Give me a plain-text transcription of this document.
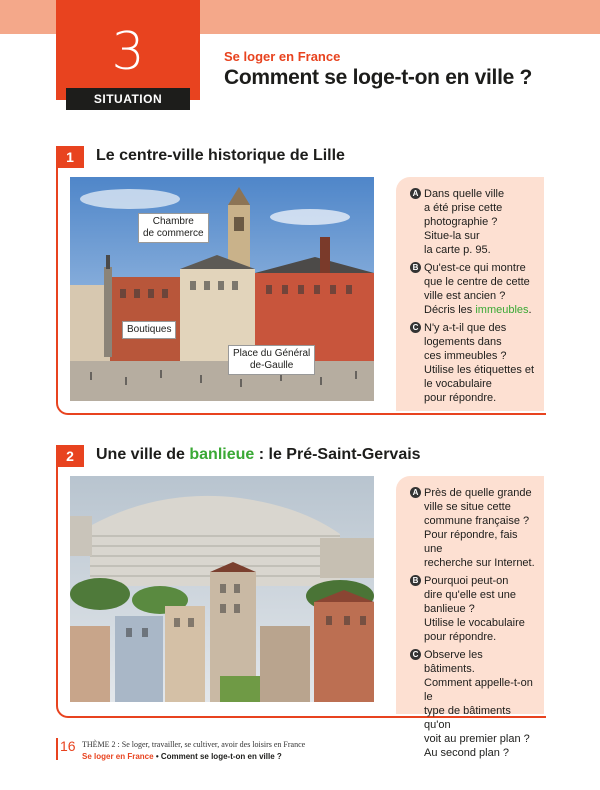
3
SITUATION
Se loger en France
Comment se loge-t-on en ville ?
1	Le centre-ville historique de Lille
Chambre
de commerce
Boutiques
Place du Général
de-Gaulle
A Dans quelle ville

a été prise cette

photographie ?

Situe-la sur

la carte p. 95.

B Qu'est-ce qui montre

que le centre de cette

ville est ancien ?

Décris les immeubles.

C N'y a-t-il que des

logements dans

ces immeubles ?

Utilise les étiquettes et

le vocabulaire

pour répondre.

2	Une ville de banlieue : le Pré-Saint-Gervais
A Près de quelle grande

ville se situe cette

commune française ?

Pour répondre, fais une

recherche sur Internet.

B Pourquoi peut-on

dire qu'elle est une

banlieue ?

Utilise le vocabulaire

pour répondre.

C Observe les bâtiments.

Comment appelle-t-on le

type de bâtiments qu'on

voit au premier plan ?

Au second plan ?

16 THÈME 2 : Se loger, travailler, se cultiver, avoir des loisirs en France
Se loger en France • Comment se loge-t-on en ville ?
